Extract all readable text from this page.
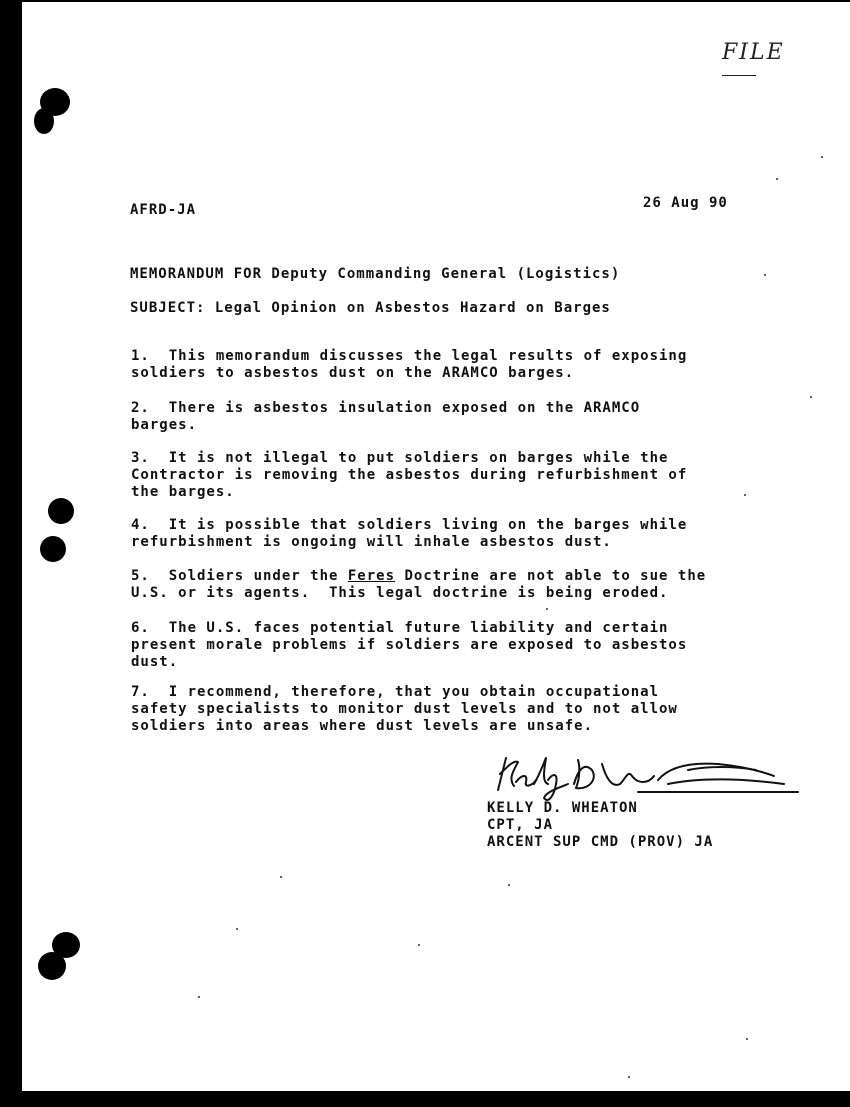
FILE

AFRD-JA	26 Aug 90

MEMORANDUM FOR Deputy Commanding General (Logistics)

SUBJECT: Legal Opinion on Asbestos Hazard on Barges

1.  This memorandum discusses the legal results of exposing
soldiers to asbestos dust on the ARAMCO barges.
2.  There is asbestos insulation exposed on the ARAMCO
barges.
3.  It is not illegal to put soldiers on barges while the
Contractor is removing the asbestos during refurbishment of
the barges.
4.  It is possible that soldiers living on the barges while
refurbishment is ongoing will inhale asbestos dust.
5. Soldiers under the Feres Doctrine are not able to sue the
U.S. or its agents.  This legal doctrine is being eroded.
6.  The U.S. faces potential future liability and certain
present morale problems if soldiers are exposed to asbestos
dust.
7.  I recommend, therefore, that you obtain occupational
safety specialists to monitor dust levels and to not allow
soldiers into areas where dust levels are unsafe.

KELLY D. WHEATON

CPT, JA

ARCENT SUP CMD (PROV) JA
